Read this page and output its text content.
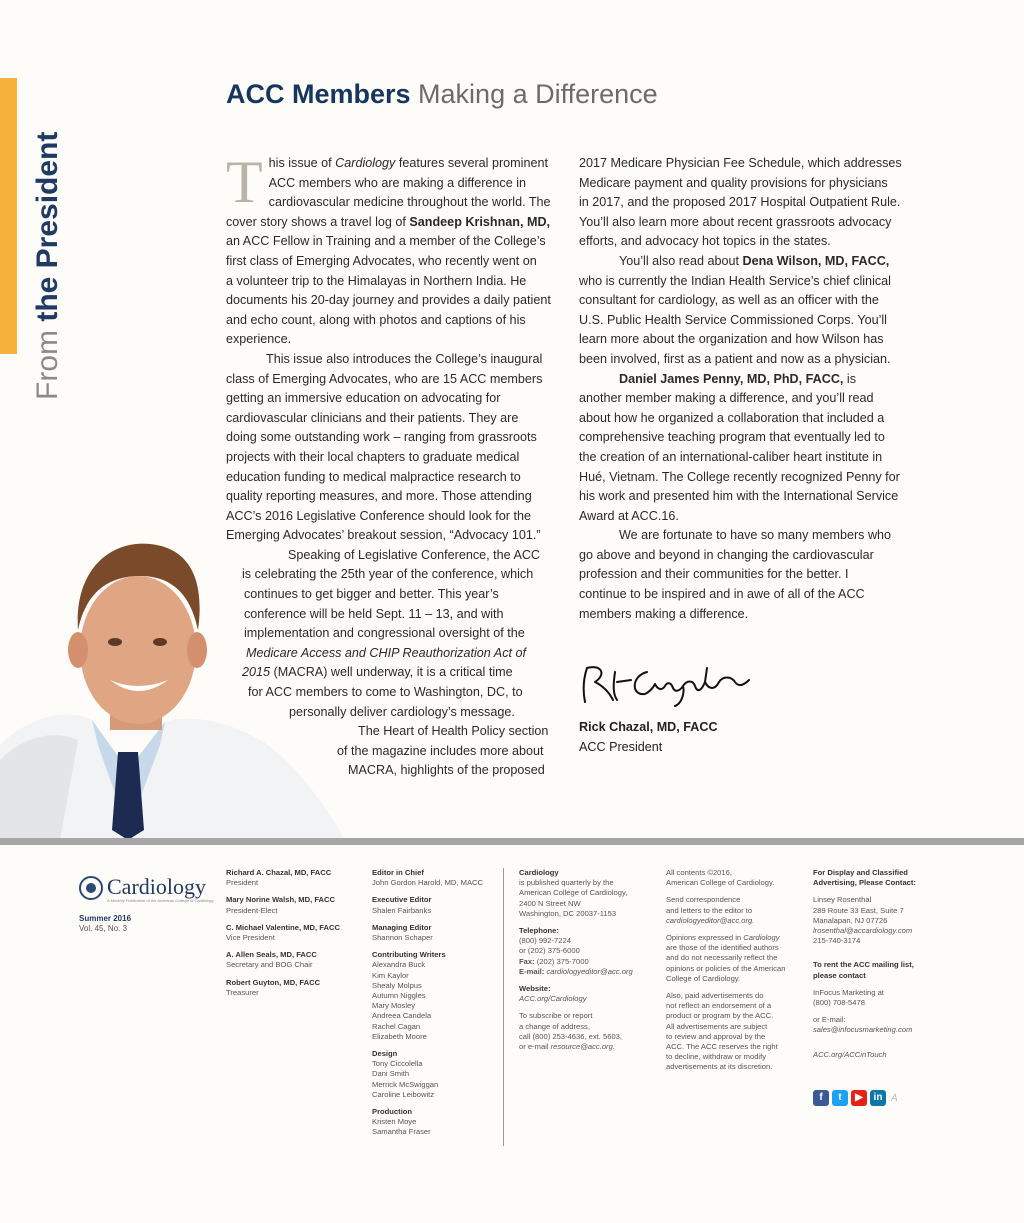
From the President
ACC Members Making a Difference
T his issue of Cardiology features several prominent
ACC members who are making a difference in
cardiovascular medicine throughout the world. The
cover story shows a travel log of Sandeep Krishnan, MD,
an ACC Fellow in Training and a member of the College’s
first class of Emerging Advocates, who recently went on
a volunteer trip to the Himalayas in Northern India. He
documents his 20-day journey and provides a daily patient
and echo count, along with photos and captions of his
experience.
This issue also introduces the College’s inaugural
class of Emerging Advocates, who are 15 ACC members
getting an immersive education on advocating for
cardiovascular clinicians and their patients. They are
doing some outstanding work – ranging from grassroots
projects with their local chapters to graduate medical
education funding to medical malpractice research to
quality reporting measures, and more. Those attending
ACC’s 2016 Legislative Conference should look for the
Emerging Advocates’ breakout session, “Advocacy 101.”
Speaking of Legislative Conference, the ACC
is celebrating the 25th year of the conference, which
continues to get bigger and better. This year’s
conference will be held Sept. 11 – 13, and with
implementation and congressional oversight of the
Medicare Access and CHIP Reauthorization Act of
2015 (MACRA) well underway, it is a critical time
for ACC members to come to Washington, DC, to
personally deliver cardiology’s message.
The Heart of Health Policy section
of the magazine includes more about
MACRA, highlights of the proposed
2017 Medicare Physician Fee Schedule, which addresses
Medicare payment and quality provisions for physicians
in 2017, and the proposed 2017 Hospital Outpatient Rule.
You’ll also learn more about recent grassroots advocacy
efforts, and advocacy hot topics in the states.
You’ll also read about Dena Wilson, MD, FACC,
who is currently the Indian Health Service’s chief clinical
consultant for cardiology, as well as an officer with the
U.S. Public Health Service Commissioned Corps. You’ll
learn more about the organization and how Wilson has
been involved, first as a patient and now as a physician.
Daniel James Penny, MD, PhD, FACC, is
another member making a difference, and you’ll read
about how he organized a collaboration that included a
comprehensive teaching program that eventually led to
the creation of an international-caliber heart institute in
Hué, Vietnam. The College recently recognized Penny for
his work and presented him with the International Service
Award at ACC.16.
We are fortunate to have so many members who
go above and beyond in changing the cardiovascular
profession and their communities for the better. I
continue to be inspired and in awe of all of the ACC
members making a difference.
Rick Chazal, MD, FACC
ACC President
Cardiology
A Monthly Publication of the American College of Cardiology
Summer 2016
Vol. 45, No. 3
Richard A. Chazal, MD, FACC
President
Mary Norine Walsh, MD, FACC
President-Elect
C. Michael Valentine, MD, FACC
Vice President
A. Allen Seals, MD, FACC
Secretary and BOG Chair
Robert Guyton, MD, FACC
Treasurer
Editor in Chief
John Gordon Harold, MD, MACC
Executive Editor
Shalen Fairbanks
Managing Editor
Shannon Schaper
Contributing Writers
Alexandra Buck
Kim Kaylor
Shealy Molpus
Autumn Niggles
Mary Mosley
Andreea Candela
Rachel Cagan
Elizabeth Moore
Design
Tony Ciccolella
Dani Smith
Merrick McSwiggan
Caroline Leibowitz
Production
Kristen Moye
Samantha Fraser
Cardiology
is published quarterly by the
American College of Cardiology,
2400 N Street NW
Washington, DC 20037-1153
Telephone:
(800) 992-7224
or (202) 375-6000
Fax: (202) 375-7000
E-mail: cardiologyeditor@acc.org
Website:
ACC.org/Cardiology
To subscribe or report
a change of address,
call (800) 253-4636, ext. 5603,
or e-mail resource@acc.org.
All contents ©2016,
American College of Cardiology.
Send correspondence
and letters to the editor to
cardiologyeditor@acc.org.
Opinions expressed in Cardiology
are those of the identified authors
and do not necessarily reflect the
opinions or policies of the American
College of Cardiology.
Also, paid advertisements do
not reflect an endorsement of a
product or program by the ACC.
All advertisements are subject
to review and approval by the
ACC. The ACC reserves the right
to decline, withdraw or modify
advertisements at its discretion.
For Display and Classified
Advertising, Please Contact:
Linsey Rosenthal
289 Route 33 East, Suite 7
Manalapan, NJ 07726
lrosenthal@accardiology.com
215-740-3174
To rent the ACC mailing list,
please contact
InFocus Marketing at
(800) 708-5478
or E-mail:
sales@infocusmarketing.com
ACC.org/ACCinTouch
f	t	▶	in A
